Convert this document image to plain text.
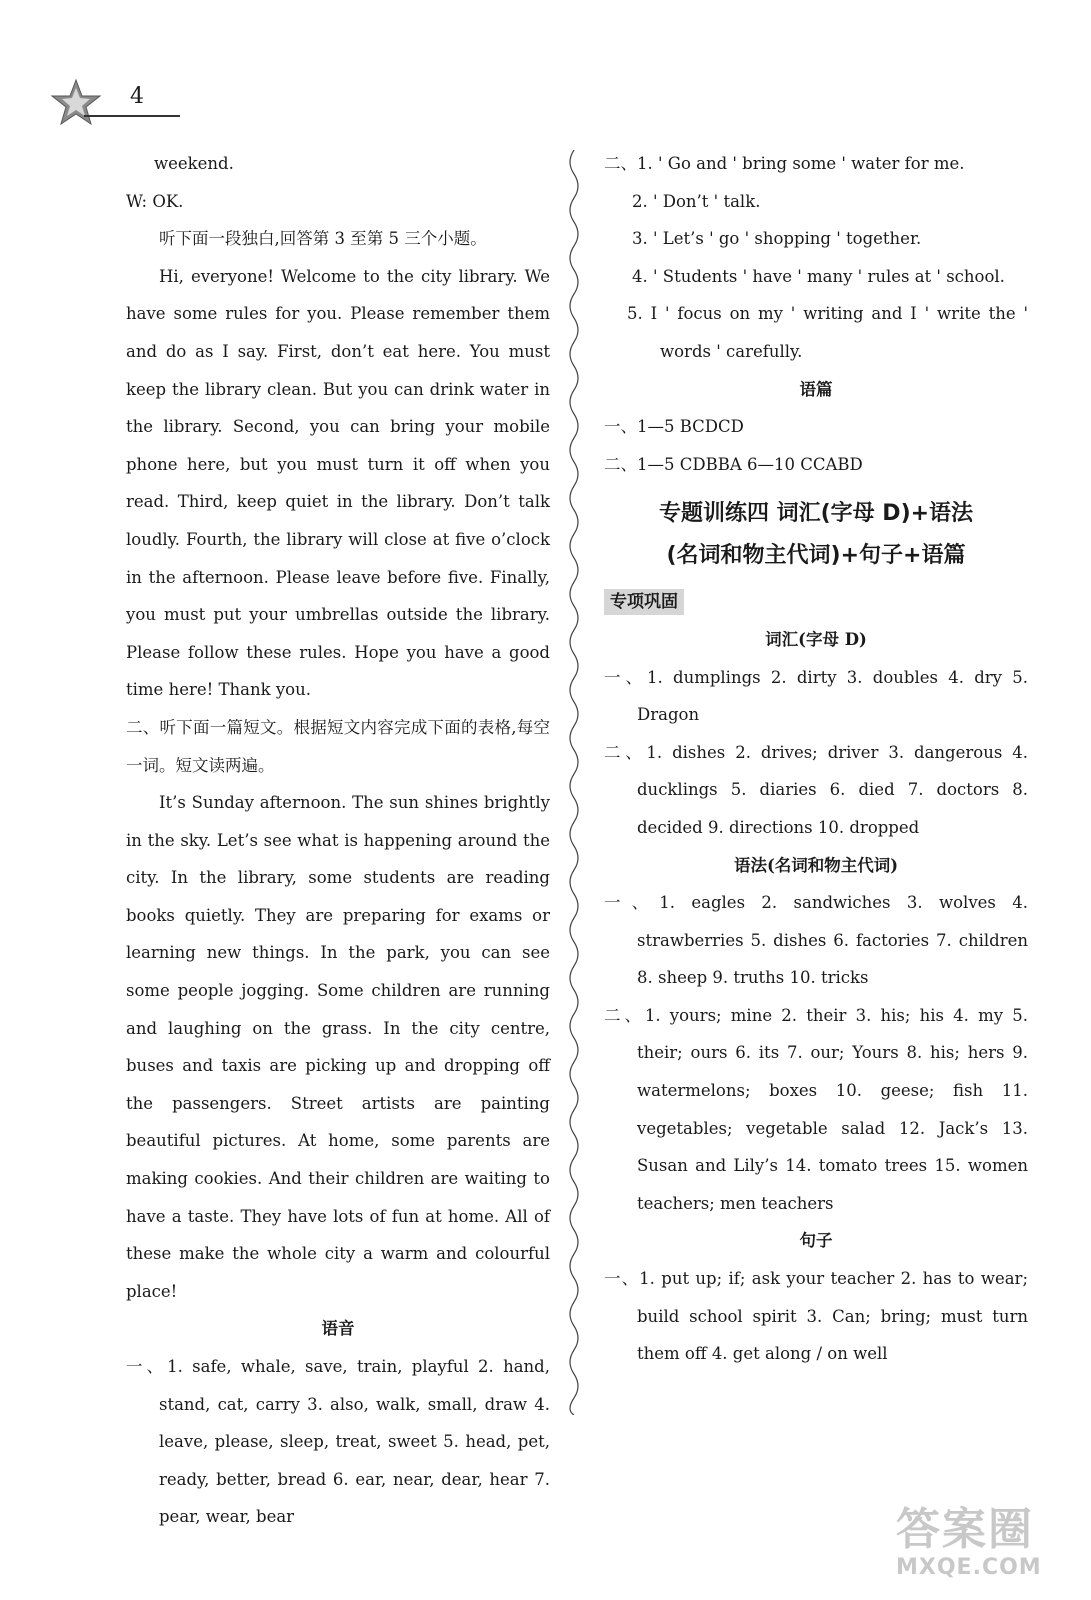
4

weekend.

W: OK.

听下面一段独白,回答第 3 至第 5 三个小题。

Hi, everyone! Welcome to the city library. We have some rules for you. Please remember them and do as I say. First, don’t eat here. You must keep the library clean. But you can drink water in the library. Second, you can bring your mobile phone here, but you must turn it off when you read. Third, keep quiet in the library. Don’t talk loudly. Fourth, the library will close at five o’clock in the afternoon. Please leave before five. Finally, you must put your umbrellas outside the library. Please follow these rules. Hope you have a good time here! Thank you.

二、听下面一篇短文。根据短文内容完成下面的表格,每空一词。短文读两遍。

It’s Sunday afternoon. The sun shines brightly in the sky. Let’s see what is happening around the city. In the library, some students are reading books quietly. They are preparing for exams or learning new things. In the park, you can see some people jogging. Some children are running and laughing on the grass. In the city centre, buses and taxis are picking up and dropping off the passengers. Street artists are painting beautiful pictures. At home, some parents are making cookies. And their children are waiting to have a taste. They have lots of fun at home. All of these make the whole city a warm and colourful place!

语音

一、1. safe, whale, save, train, playful 2. hand, stand, cat, carry 3. also, walk, small, draw 4. leave, please, sleep, treat, sweet 5. head, pet, ready, better, bread 6. ear, near, dear, hear 7. pear, wear, bear

二、1. ' Go and ' bring some ' water for me.

2. ' Don’t ' talk.

3. ' Let’s ' go ' shopping ' together.

4. ' Students ' have ' many ' rules at ' school.

5. I ' focus on my ' writing and I ' write the ' words ' carefully.

语篇

一、1—5 BCDCD

二、1—5 CDBBA 6—10 CCABD

专题训练四 词汇(字母 D)+语法
(名词和物主代词)+句子+语篇
专项巩固

词汇(字母 D)

一、1. dumplings 2. dirty 3. doubles 4. dry 5. Dragon

二、1. dishes 2. drives; driver 3. dangerous 4. ducklings 5. diaries 6. died 7. doctors 8. decided 9. directions 10. dropped

语法(名词和物主代词)

一、1. eagles 2. sandwiches 3. wolves 4. strawberries 5. dishes 6. factories 7. children 8. sheep 9. truths 10. tricks

二、1. yours; mine 2. their 3. his; his 4. my 5. their; ours 6. its 7. our; Yours 8. his; hers 9. watermelons; boxes 10. geese; fish 11. vegetables; vegetable salad 12. Jack’s 13. Susan and Lily’s 14. tomato trees 15. women teachers; men teachers

句子

一、1. put up; if; ask your teacher 2. has to wear; build school spirit 3. Can; bring; must turn them off 4. get along / on well

答案圈
MXQE.COM
